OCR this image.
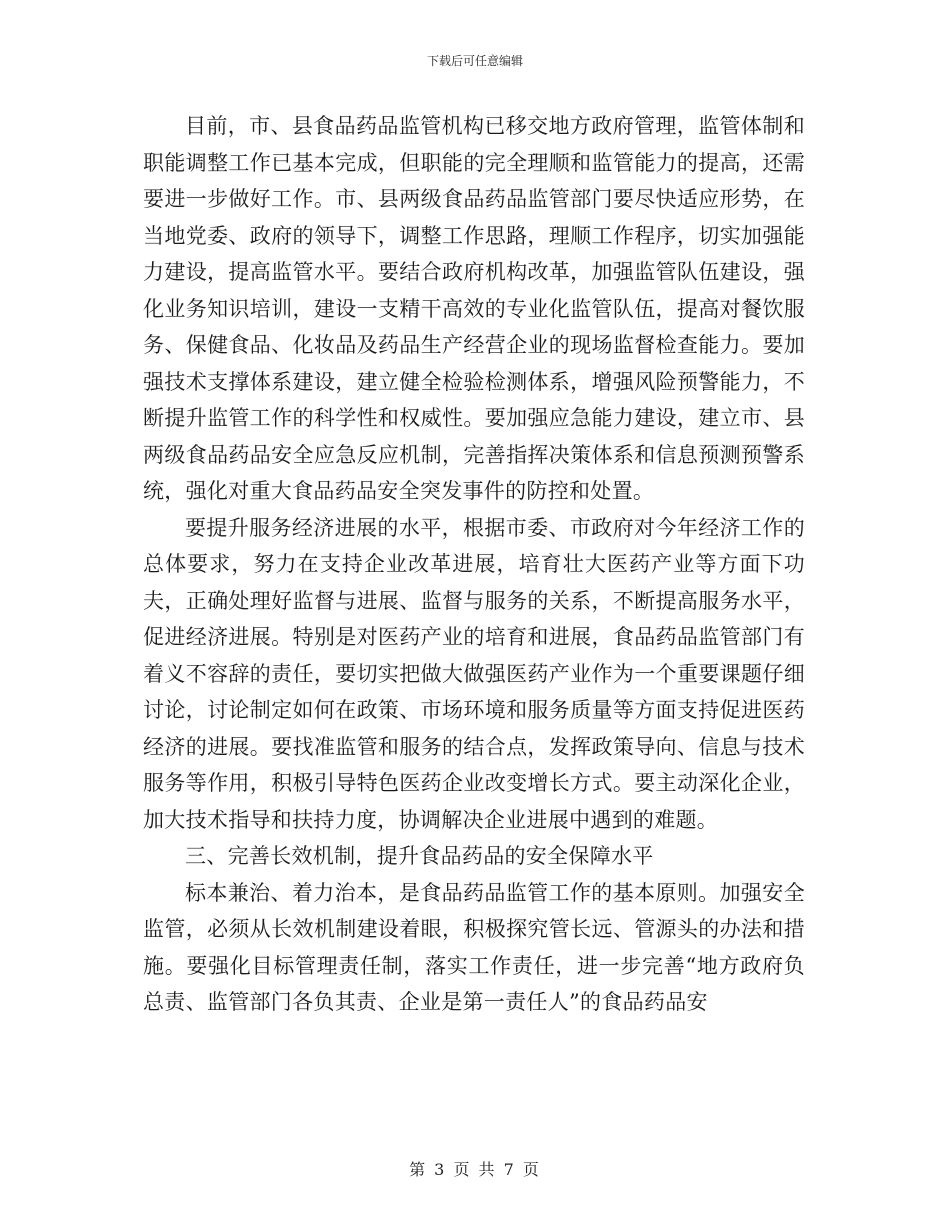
下载后可任意编辑

目前，市、县食品药品监管机构已移交地方政府管理，监管体制和职能调整工作已基本完成，但职能的完全理顺和监管能力的提高，还需要进一步做好工作。市、县两级食品药品监管部门要尽快适应形势，在当地党委、政府的领导下，调整工作思路，理顺工作程序，切实加强能力建设，提高监管水平。要结合政府机构改革，加强监管队伍建设，强化业务知识培训，建设一支精干高效的专业化监管队伍，提高对餐饮服务、保健食品、化妆品及药品生产经营企业的现场监督检查能力。要加强技术支撑体系建设，建立健全检验检测体系，增强风险预警能力，不断提升监管工作的科学性和权威性。要加强应急能力建设，建立市、县两级食品药品安全应急反应机制，完善指挥决策体系和信息预测预警系统，强化对重大食品药品安全突发事件的防控和处置。

要提升服务经济进展的水平，根据市委、市政府对今年经济工作的总体要求，努力在支持企业改革进展，培育壮大医药产业等方面下功夫，正确处理好监督与进展、监督与服务的关系，不断提高服务水平，促进经济进展。特别是对医药产业的培育和进展，食品药品监管部门有着义不容辞的责任，要切实把做大做强医药产业作为一个重要课题仔细讨论，讨论制定如何在政策、市场环境和服务质量等方面支持促进医药经济的进展。要找准监管和服务的结合点，发挥政策导向、信息与技术服务等作用，积极引导特色医药企业改变增长方式。要主动深化企业，加大技术指导和扶持力度，协调解决企业进展中遇到的难题。

三、完善长效机制，提升食品药品的安全保障水平

标本兼治、着力治本，是食品药品监管工作的基本原则。加强安全监管，必须从长效机制建设着眼，积极探究管长远、管源头的办法和措施。要强化目标管理责任制，落实工作责任，进一步完善“地方政府负总责、监管部门各负其责、企业是第一责任人”的食品药品安

第 3 页 共 7 页
